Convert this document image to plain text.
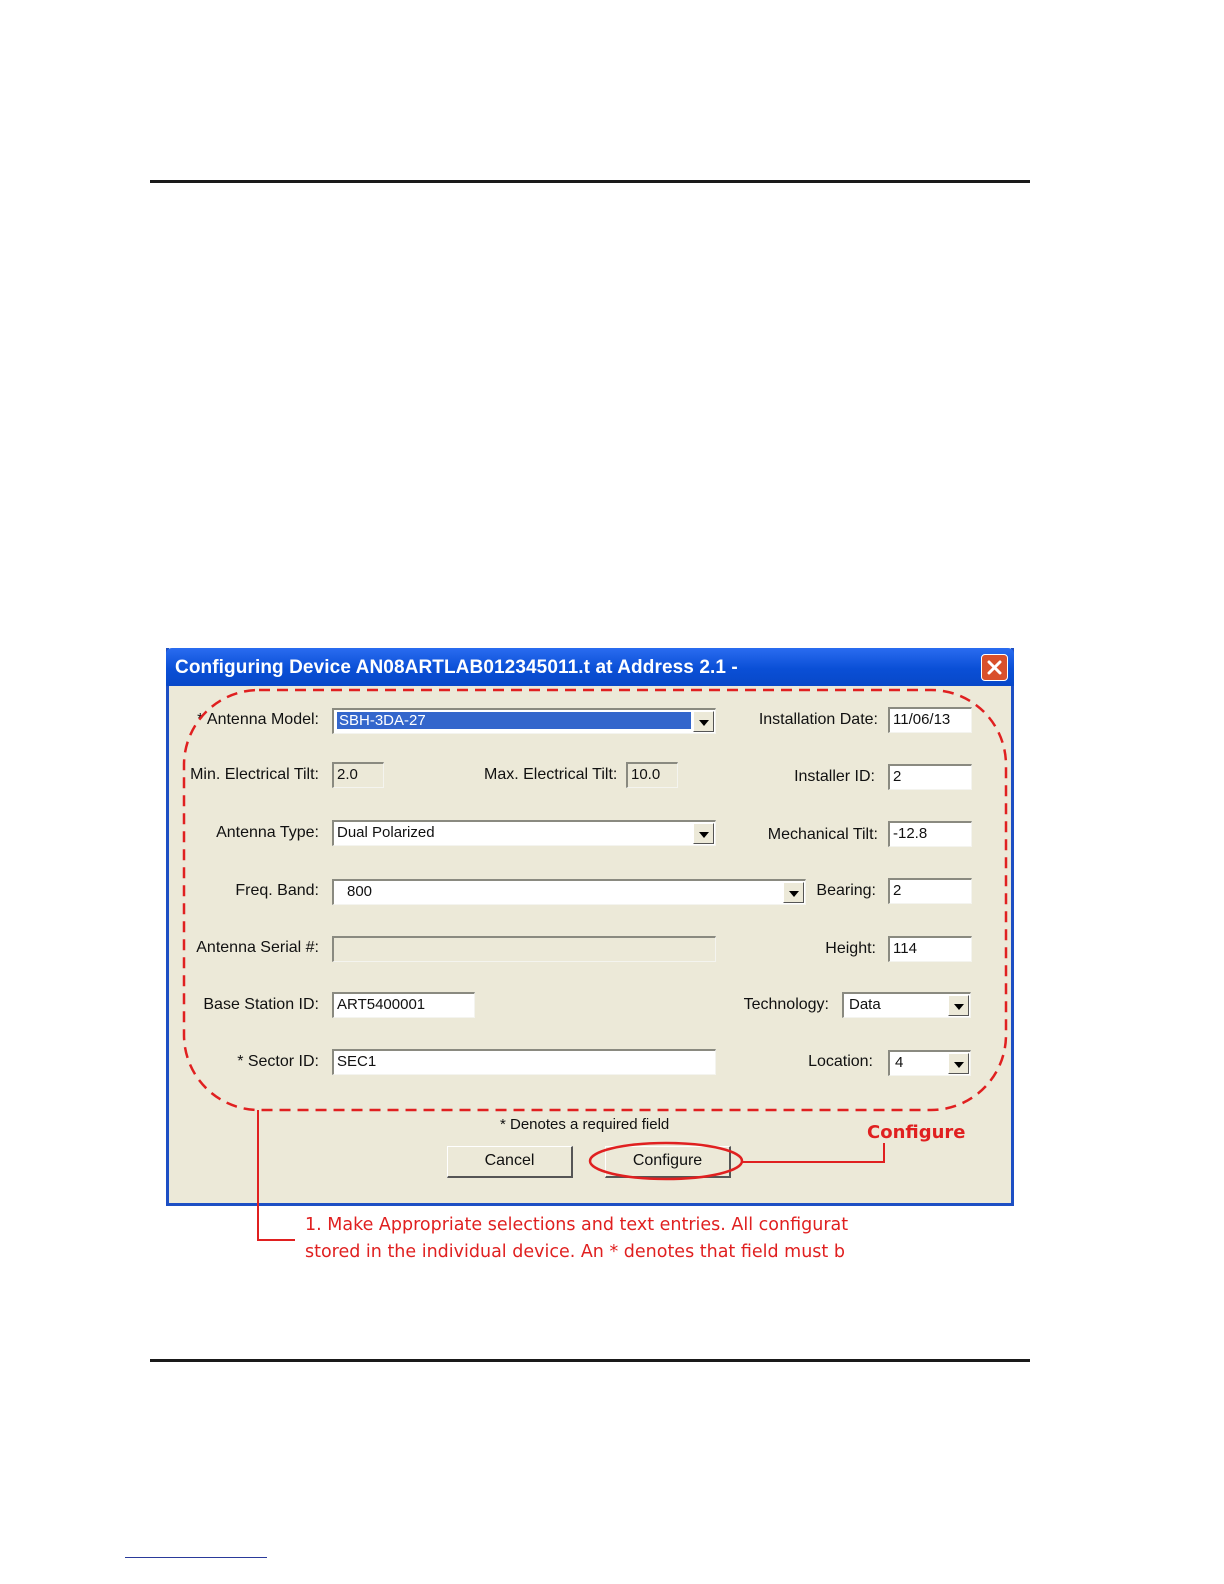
Configuring Device AN08ARTLAB012345011.t at Address 2.1 -
* Antenna Model:
Min. Electrical Tilt:
Antenna Type:
Freq. Band:
Antenna Serial #:
Base Station ID:
* Sector ID:
SBH-3DA-27
2.0	Max. Electrical Tilt: 10.0
Dual Polarized
800
ART5400001
SEC1
Installation Date:
Installer ID:
Mechanical Tilt:
Bearing:
Height:
Technology:
Location:
11/06/13
2
-12.8
2
114
Data
4
* Denotes a required field
Cancel	Configure
Configure
1. Make Appropriate selections and text entries. All configurat
stored in the individual device. An * denotes that field must b
